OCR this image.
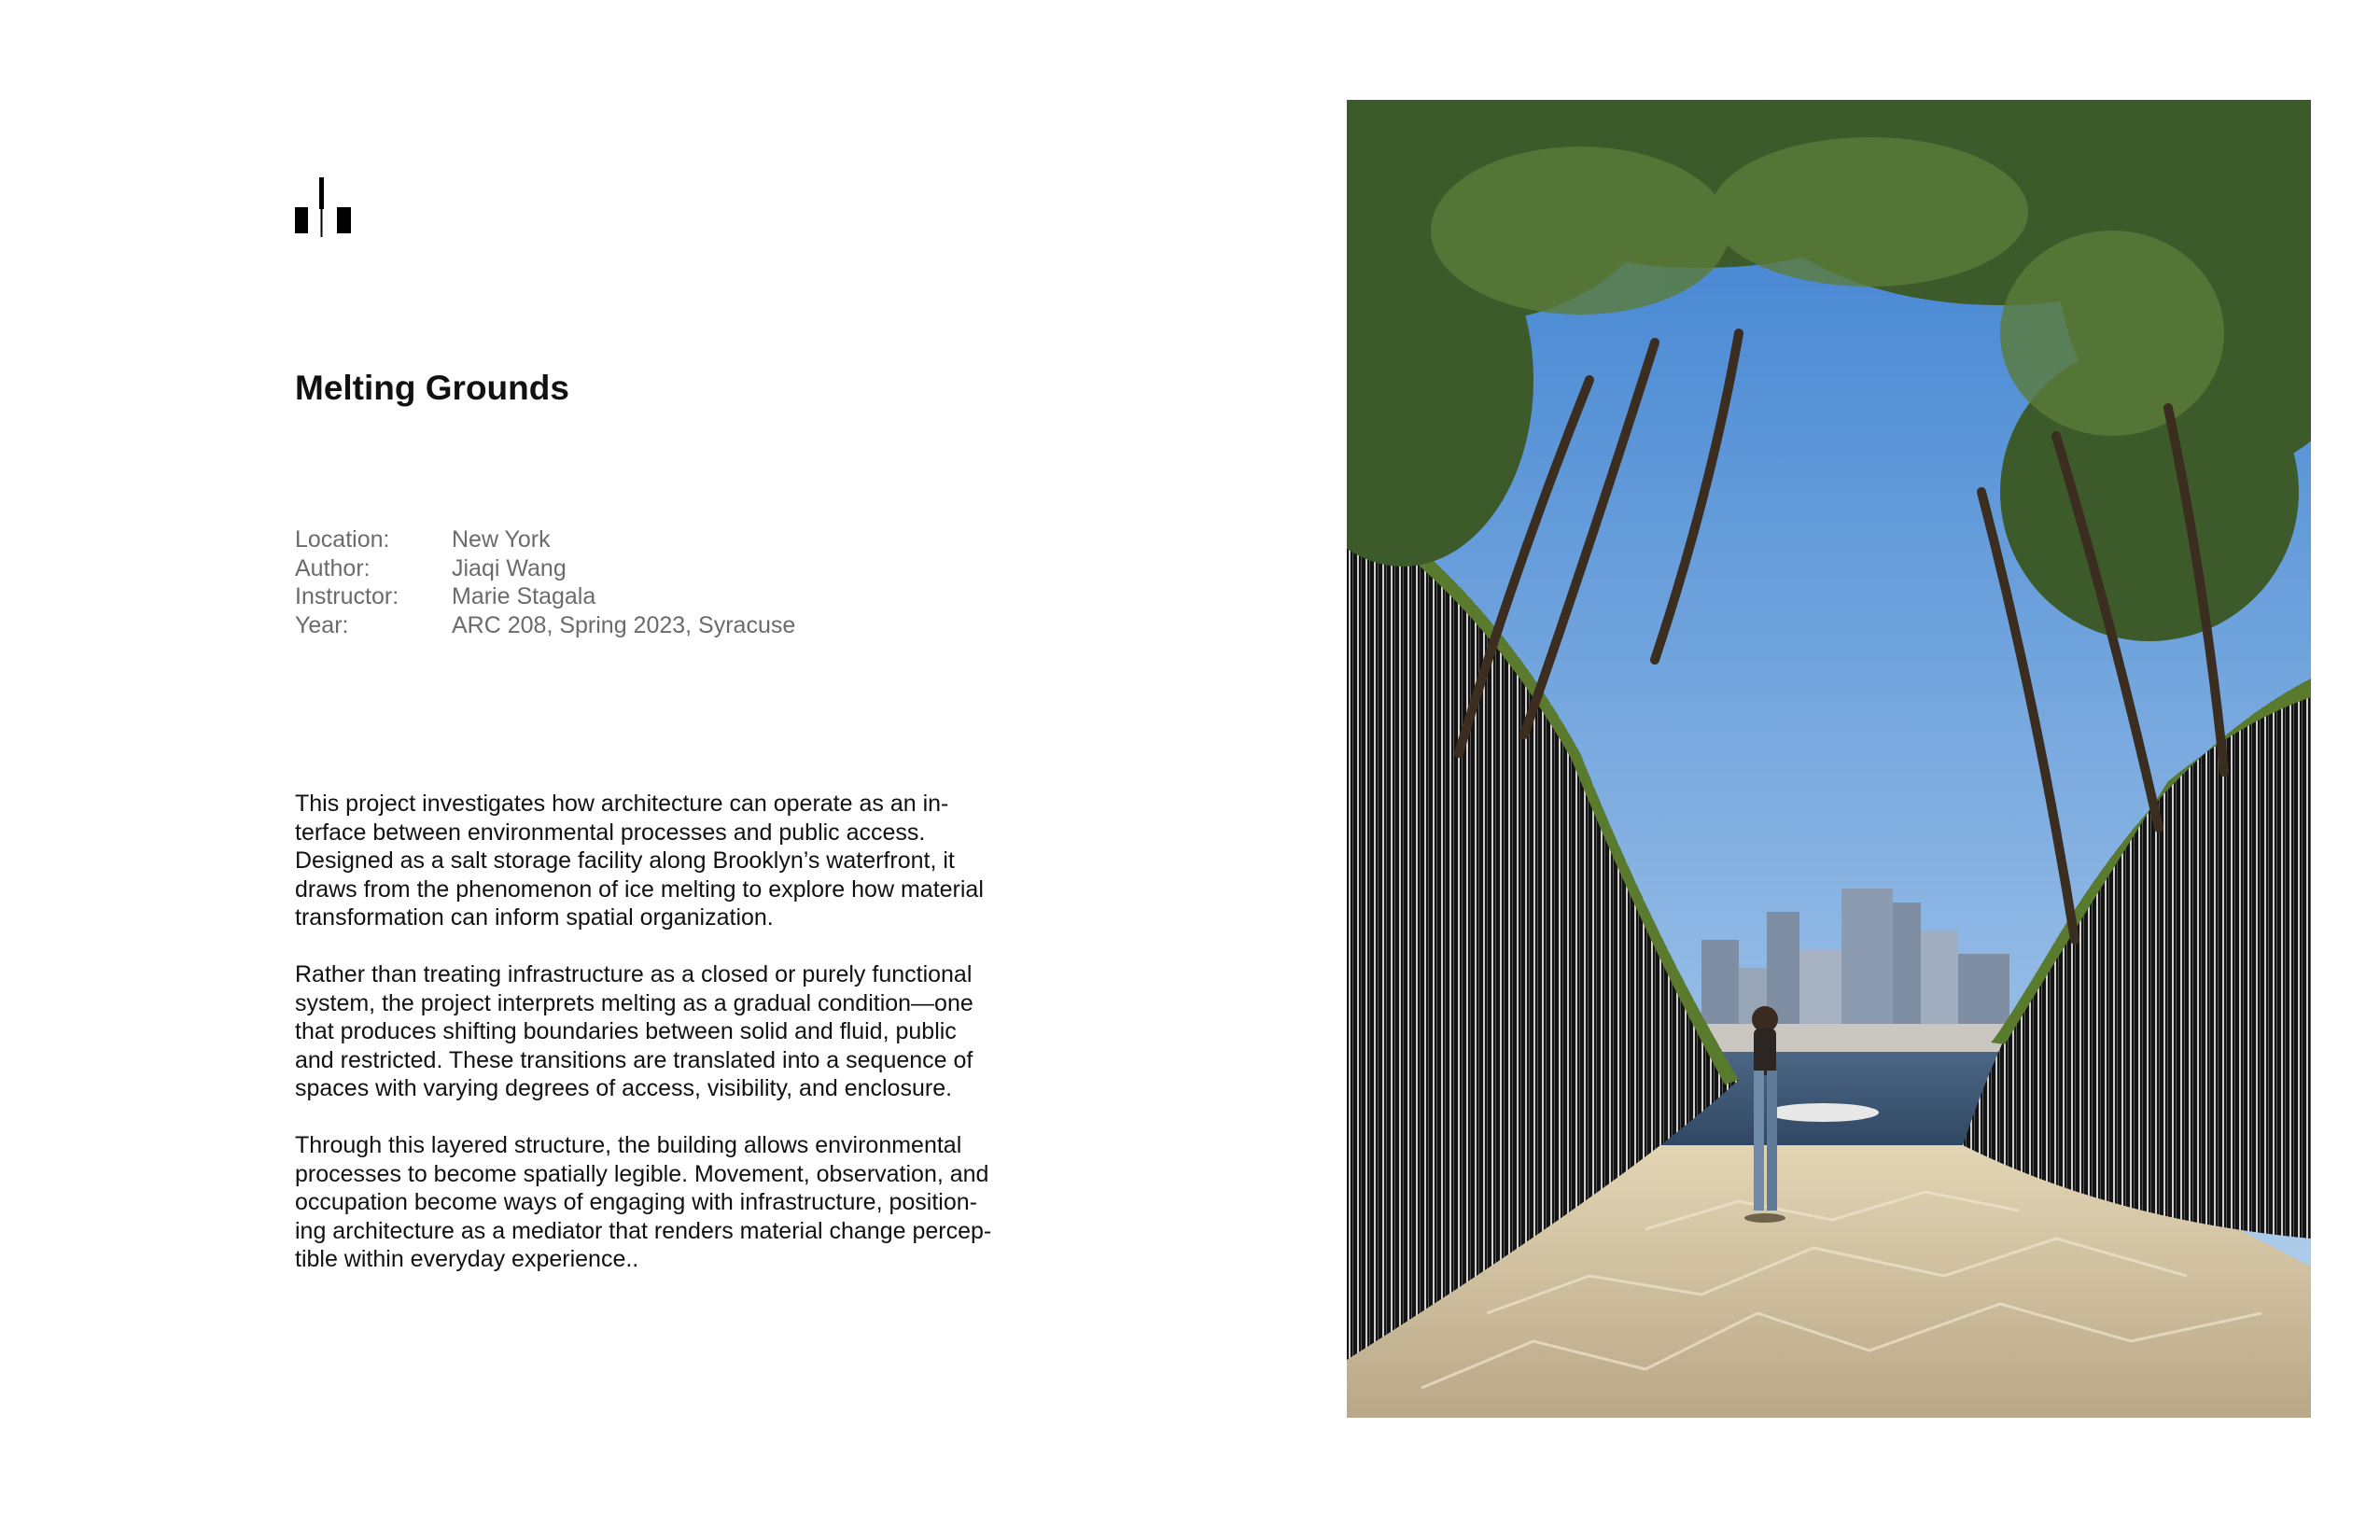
Melting Grounds
Location:	New York
Author:	Jiaqi Wang
Instructor:	Marie Stagala
Year:	ARC 208, Spring 2023, Syracuse

This project investigates how architecture can operate as an in-
terface between environmental processes and public access.
Designed as a salt storage facility along Brooklyn’s waterfront, it
draws from the phenomenon of ice melting to explore how material
transformation can inform spatial organization.

Rather than treating infrastructure as a closed or purely functional
system, the project interprets melting as a gradual condition—one
that produces shifting boundaries between solid and fluid, public
and restricted. These transitions are translated into a sequence of
spaces with varying degrees of access, visibility, and enclosure.

Through this layered structure, the building allows environmental
processes to become spatially legible. Movement, observation, and
occupation become ways of engaging with infrastructure, position-
ing architecture as a mediator that renders material change percep-
tible within everyday experience..
